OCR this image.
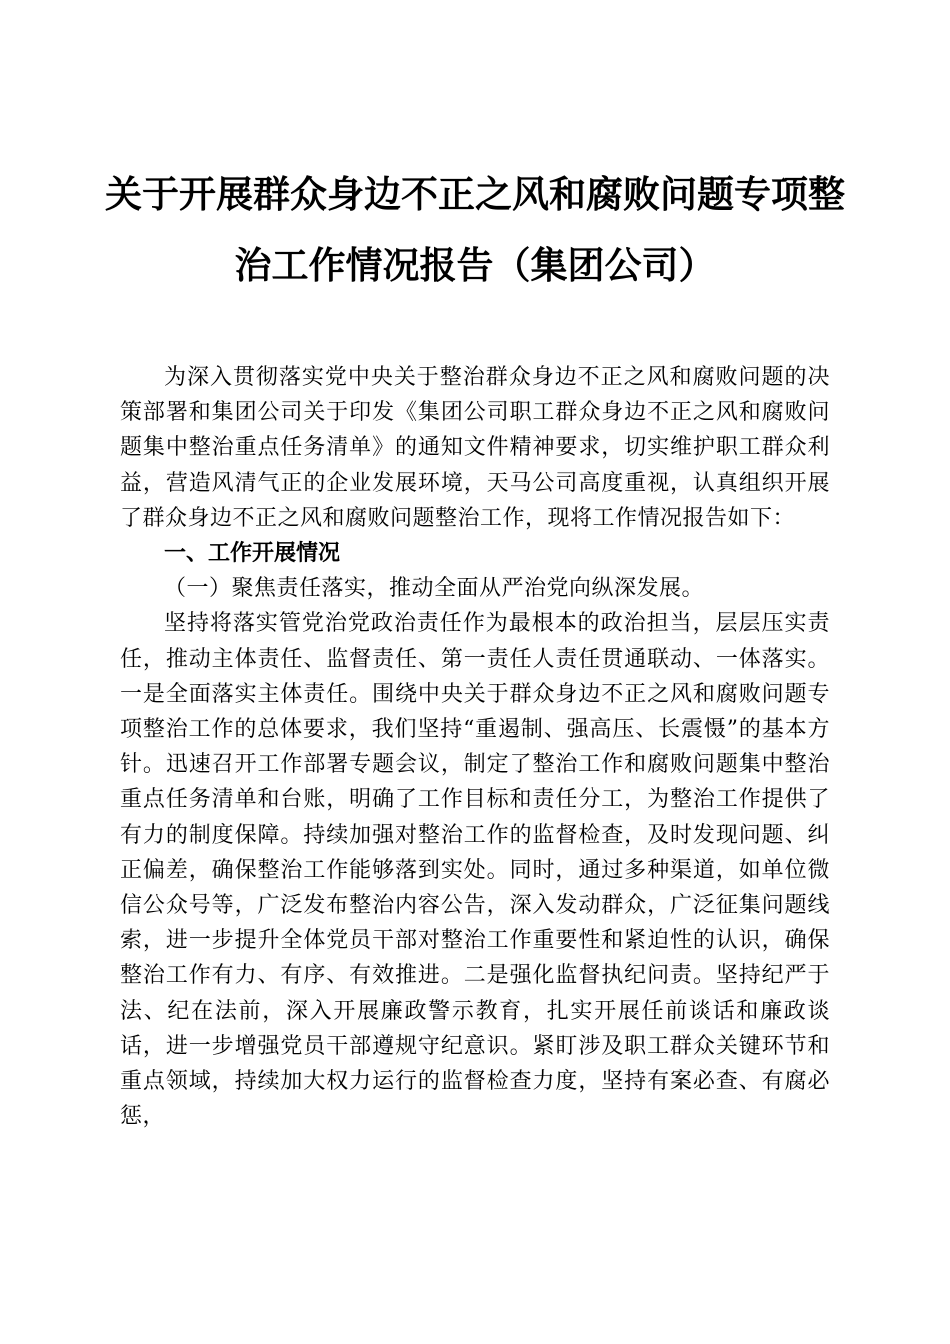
关于开展群众身边不正之风和腐败问题专项整
治工作情况报告（集团公司）

为深入贯彻落实党中央关于整治群众身边不正之风和腐败问题的决策部署和集团公司关于印发《集团公司职工群众身边不正之风和腐败问题集中整治重点任务清单》的通知文件精神要求，切实维护职工群众利益，营造风清气正的企业发展环境，天马公司高度重视，认真组织开展了群众身边不正之风和腐败问题整治工作，现将工作情况报告如下：

一、工作开展情况

（一）聚焦责任落实，推动全面从严治党向纵深发展。

坚持将落实管党治党政治责任作为最根本的政治担当，层层压实责任，推动主体责任、监督责任、第一责任人责任贯通联动、一体落实。一是全面落实主体责任。围绕中央关于群众身边不正之风和腐败问题专项整治工作的总体要求，我们坚持“重遏制、强高压、长震慑”的基本方针。迅速召开工作部署专题会议，制定了整治工作和腐败问题集中整治重点任务清单和台账，明确了工作目标和责任分工，为整治工作提供了有力的制度保障。持续加强对整治工作的监督检查，及时发现问题、纠正偏差，确保整治工作能够落到实处。同时，通过多种渠道，如单位微信公众号等，广泛发布整治内容公告，深入发动群众，广泛征集问题线索，进一步提升全体党员干部对整治工作重要性和紧迫性的认识，确保整治工作有力、有序、有效推进。二是强化监督执纪问责。坚持纪严于法、纪在法前，深入开展廉政警示教育，扎实开展任前谈话和廉政谈话，进一步增强党员干部遵规守纪意识。紧盯涉及职工群众关键环节和重点领域，持续加大权力运行的监督检查力度，坚持有案必查、有腐必惩，
